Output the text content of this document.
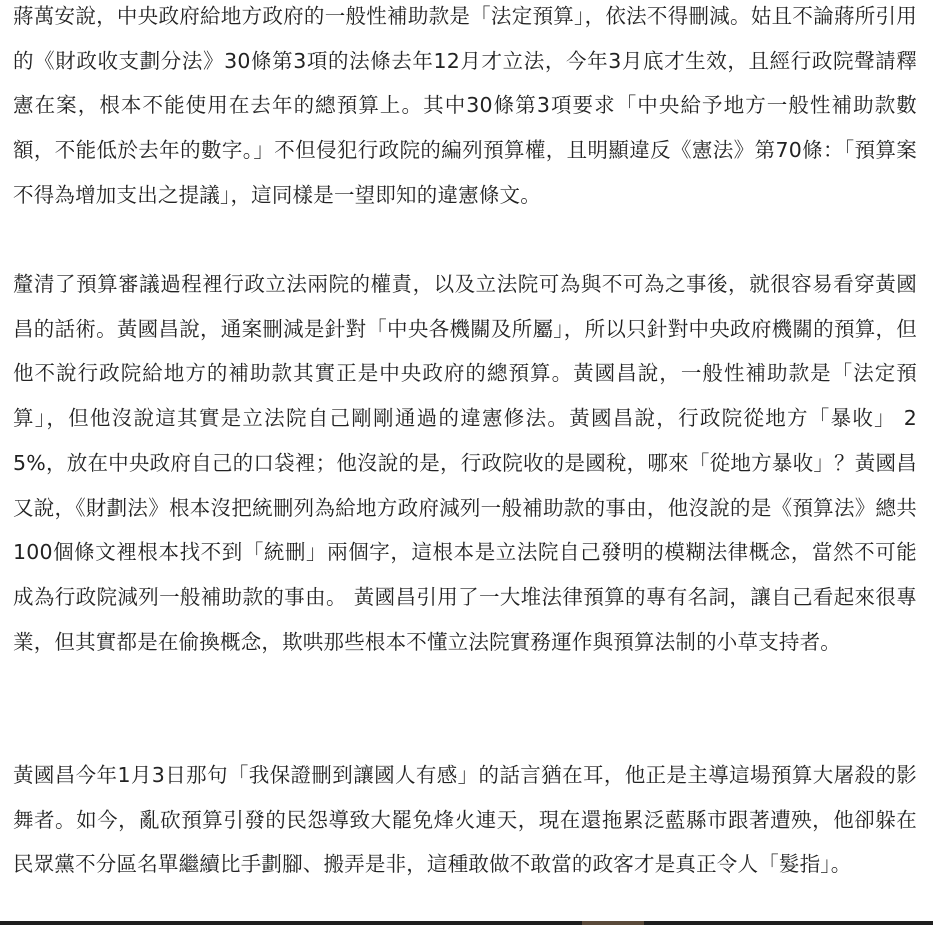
蔣萬安說，中央政府給地方政府的一般性補助款是「法定預算」，依法不得刪減。姑且不論蔣所引用的《財政收支劃分法》30條第3項的法條去年12月才立法，今年3月底才生效，且經行政院聲請釋憲在案，根本不能使用在去年的總預算上。其中30條第3項要求「中央給予地方一般性補助款數額，不能低於去年的數字。」不但侵犯行政院的編列預算權，且明顯違反《憲法》第70條：「預算案不得為增加支出之提議」，這同樣是一望即知的違憲條文。

釐清了預算審議過程裡行政立法兩院的權責，以及立法院可為與不可為之事後，就很容易看穿黃國昌的話術。黃國昌說，通案刪減是針對「中央各機關及所屬」，所以只針對中央政府機關的預算，但他不說行政院給地方的補助款其實正是中央政府的總預算。黃國昌說，一般性補助款是「法定預算」，但他沒說這其實是立法院自己剛剛通過的違憲修法。黃國昌說，行政院從地方「暴收」 25%，放在中央政府自己的口袋裡；他沒說的是，行政院收的是國稅，哪來「從地方暴收」？黃國昌又說，《財劃法》根本沒把統刪列為給地方政府減列一般補助款的事由，他沒說的是《預算法》總共100個條文裡根本找不到「統刪」兩個字，這根本是立法院自己發明的模糊法律概念，當然不可能成為行政院減列一般補助款的事由。 黃國昌引用了一大堆法律預算的專有名詞，讓自己看起來很專業，但其實都是在偷換概念，欺哄那些根本不懂立法院實務運作與預算法制的小草支持者。

黃國昌今年1月3日那句「我保證刪到讓國人有感」的話言猶在耳，他正是主導這場預算大屠殺的影舞者。如今，亂砍預算引發的民怨導致大罷免烽火連天，現在還拖累泛藍縣市跟著遭殃，他卻躲在民眾黨不分區名單繼續比手劃腳、搬弄是非，這種敢做不敢當的政客才是真正令人「髮指」。
